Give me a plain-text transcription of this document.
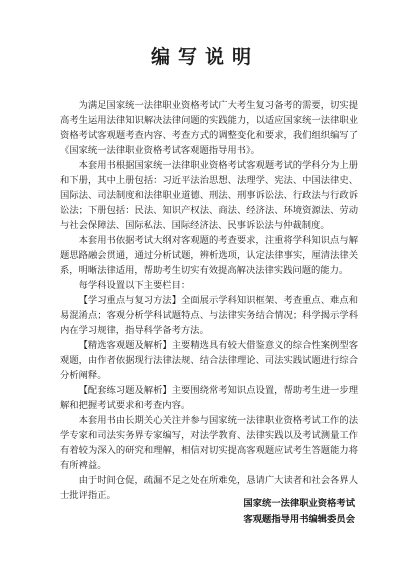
编写说明

为满足国家统一法律职业资格考试广大考生复习备考的需要，切实提高考生运用法律知识解决法律问题的实践能力，以适应国家统一法律职业资格考试客观题考查内容、考查方式的调整变化和要求，我们组织编写了《国家统一法律职业资格考试客观题指导用书》。

本套用书根据国家统一法律职业资格考试客观题考试的学科分为上册和下册，其中上册包括：习近平法治思想、法理学、宪法、中国法律史、国际法、司法制度和法律职业道德、刑法、刑事诉讼法、行政法与行政诉讼法；下册包括：民法、知识产权法、商法、经济法、环境资源法、劳动与社会保障法、国际私法、国际经济法、民事诉讼法与仲裁制度。

本套用书依据考试大纲对客观题的考查要求，注重将学科知识点与解题思路融会贯通，通过分析试题，辨析选项，认定法律事实，厘清法律关系，明晰法律适用，帮助考生切实有效提高解决法律实践问题的能力。

每学科设置以下主要栏目：

【学习重点与复习方法】全面展示学科知识框架、考查重点、难点和易混淆点；客观分析学科试题特点、与法律实务结合情况；科学揭示学科内在学习规律，指导科学备考方法。

【精选客观题及解析】主要精选具有较大借鉴意义的综合性案例型客观题，由作者依据现行法律法规、结合法律理论、司法实践试题进行综合分析阐释。

【配套练习题及解析】主要围绕常考知识点设置，帮助考生进一步理解和把握考试要求和考查内容。

本套用书由长期关心关注并参与国家统一法律职业资格考试工作的法学专家和司法实务界专家编写，对法学教育、法律实践以及考试测量工作有着较为深入的研究和理解，相信对切实提高客观题应试考生答题能力将有所裨益。

由于时间仓促，疏漏不足之处在所难免，恳请广大读者和社会各界人士批评指正。

国家统一法律职业资格考试
客观题指导用书编辑委员会
